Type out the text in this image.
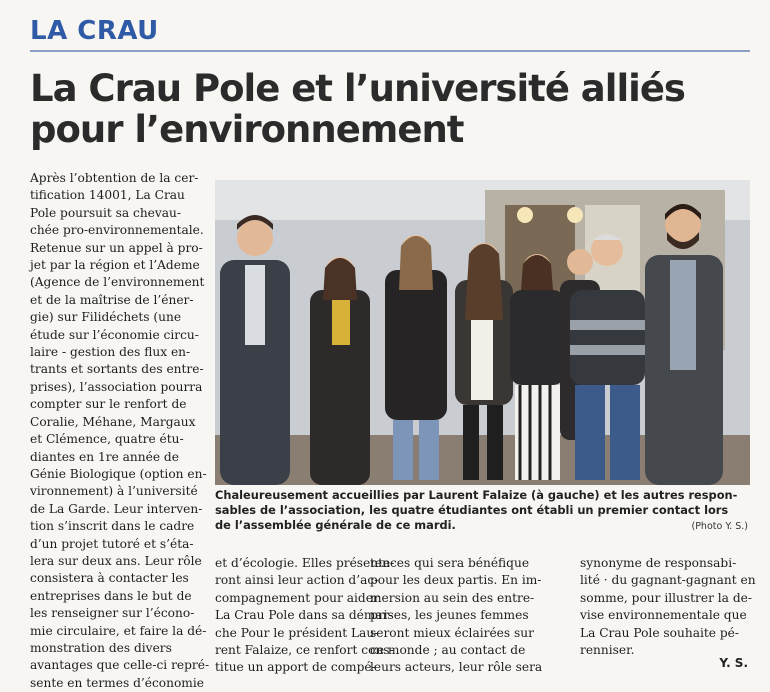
LA CRAU
La Crau Pole et l’université alliés
pour l’environnement
Après l’obtention de la cer-
tification 14001, La Crau
Pole poursuit sa chevau-
chée pro-environnementale.
Retenue sur un appel à pro-
jet par la région et l’Ademe
(Agence de l’environnement
et de la maîtrise de l’éner-
gie) sur Filidéchets (une
étude sur l’économie circu-
laire - gestion des flux en-
trants et sortants des entre-
prises), l’association pourra
compter sur le renfort de
Coralie, Méhane, Margaux
et Clémence, quatre étu-
diantes en 1re année de
Génie Biologique (option en-
vironnement) à l’université
de La Garde. Leur interven-
tion s’inscrit dans le cadre
d’un projet tutoré et s’éta-
lera sur deux ans. Leur rôle
consistera à contacter les
entreprises dans le but de
les renseigner sur l’écono-
mie circulaire, et faire la dé-
monstration des divers
avantages que celle-ci repré-
sente en termes d’économie
Chaleureusement accueillies par Laurent Falaize (à gauche) et les autres respon-
sables de l’association, les quatre étudiantes ont établi un premier contact lors
de l’assemblée générale de ce mardi.	(Photo Y. S.)
et d’écologie. Elles présente-
ront ainsi leur action d’ac-
compagnement pour aider
La Crau Pole dans sa démar-
che Pour le président Lau-
rent Falaize, ce renfort cons-
titue un apport de compé-
tences qui sera bénéfique
pour les deux partis. En im-
mersion au sein des entre-
prises, les jeunes femmes
seront mieux éclairées sur
ce monde ; au contact de
leurs acteurs, leur rôle sera
synonyme de responsabi-
lité · du gagnant-gagnant en
somme, pour illustrer la de-
vise environnementale que
La Crau Pole souhaite pé-
renniser.
Y. S.
